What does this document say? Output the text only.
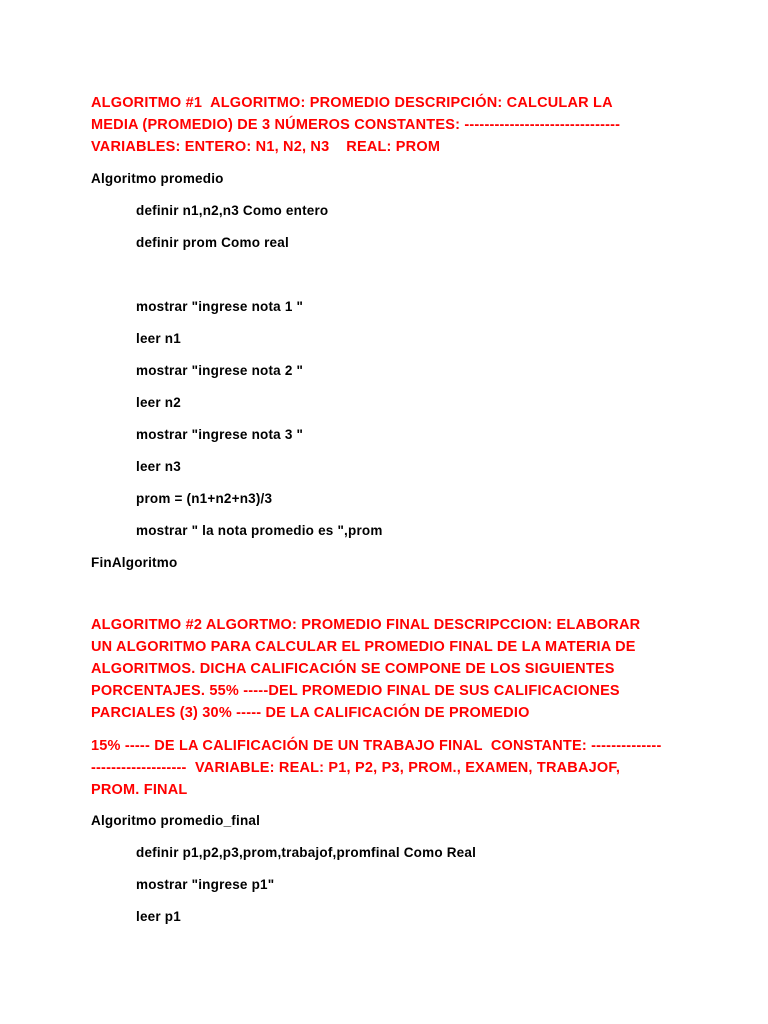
ALGORITMO #1  ALGORITMO: PROMEDIO DESCRIPCIÓN: CALCULAR LA

MEDIA (PROMEDIO) DE 3 NÚMEROS CONSTANTES: -------------------------------

VARIABLES: ENTERO: N1, N2, N3    REAL: PROM

Algoritmo promedio

definir n1,n2,n3 Como entero

definir prom Como real

mostrar "ingrese nota 1 "

leer n1

mostrar "ingrese nota 2 "

leer n2

mostrar "ingrese nota 3 "

leer n3

prom = (n1+n2+n3)/3

mostrar " la nota promedio es ",prom

FinAlgoritmo

ALGORITMO #2 ALGORTMO: PROMEDIO FINAL DESCRIPCCION: ELABORAR

UN ALGORITMO PARA CALCULAR EL PROMEDIO FINAL DE LA MATERIA DE

ALGORITMOS. DICHA CALIFICACIÓN SE COMPONE DE LOS SIGUIENTES

PORCENTAJES. 55% -----DEL PROMEDIO FINAL DE SUS CALIFICACIONES

PARCIALES (3) 30% ----- DE LA CALIFICACIÓN DE PROMEDIO

15% ----- DE LA CALIFICACIÓN DE UN TRABAJO FINAL  CONSTANTE: --------------

-------------------  VARIABLE: REAL: P1, P2, P3, PROM., EXAMEN, TRABAJOF,

PROM. FINAL

Algoritmo promedio_final

definir p1,p2,p3,prom,trabajof,promfinal Como Real

mostrar "ingrese p1"

leer p1
